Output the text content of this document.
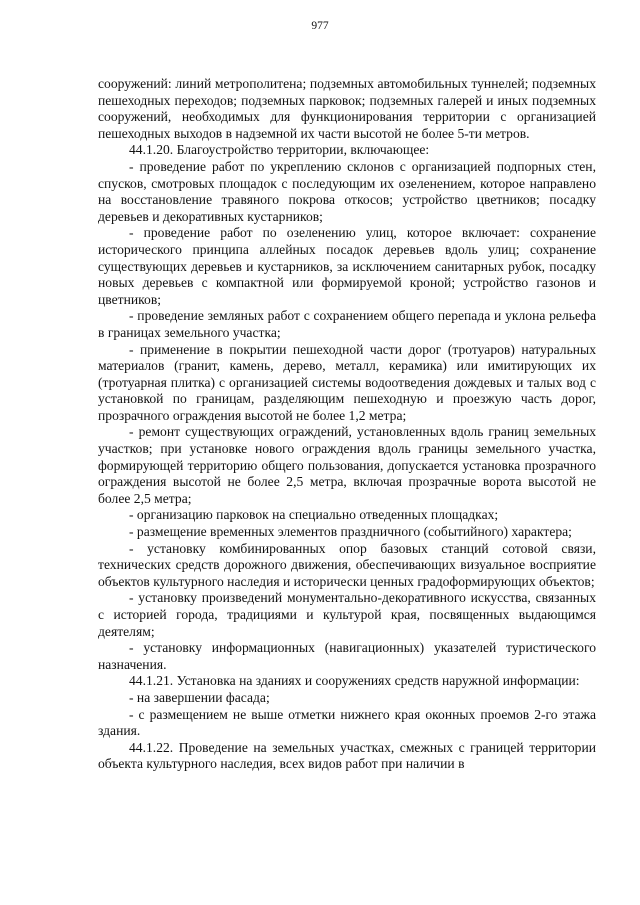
977

сооружений: линий метрополитена; подземных автомобильных туннелей; подземных пешеходных переходов; подземных парковок; подземных галерей и иных подземных сооружений, необходимых для функционирования территории с организацией пешеходных выходов в надземной их части высотой не более 5-ти метров.

44.1.20. Благоустройство территории, включающее:

- проведение работ по укреплению склонов с организацией подпорных стен, спусков, смотровых площадок с последующим их озеленением, которое направлено на восстановление травяного покрова откосов; устройство цветников; посадку деревьев и декоративных кустарников;

- проведение работ по озеленению улиц, которое включает: сохранение исторического принципа аллейных посадок деревьев вдоль улиц; сохранение существующих деревьев и кустарников, за исключением санитарных рубок, посадку новых деревьев с компактной или формируемой кроной; устройство газонов и цветников;

- проведение земляных работ с сохранением общего перепада и уклона рельефа в границах земельного участка;

- применение в покрытии пешеходной части дорог (тротуаров) натуральных материалов (гранит, камень, дерево, металл, керамика) или имитирующих их (тротуарная плитка) с организацией системы водоотведения дождевых и талых вод с установкой по границам, разделяющим пешеходную и проезжую часть дорог, прозрачного ограждения высотой не более 1,2 метра;

- ремонт существующих ограждений, установленных вдоль границ земельных участков; при установке нового ограждения вдоль границы земельного участка, формирующей территорию общего пользования, допускается установка прозрачного ограждения высотой не более 2,5 метра, включая прозрачные ворота высотой не более 2,5 метра;

- организацию парковок на специально отведенных площадках;

- размещение временных элементов праздничного (событийного) характера;

- установку комбинированных опор базовых станций сотовой связи, технических средств дорожного движения, обеспечивающих визуальное восприятие объектов культурного наследия и исторически ценных градоформирующих объектов;

- установку произведений монументально-декоративного искусства, связанных с историей города, традициями и культурой края, посвященных выдающимся деятелям;

- установку информационных (навигационных) указателей туристического назначения.

44.1.21. Установка на зданиях и сооружениях средств наружной информации:

- на завершении фасада;

- с размещением не выше отметки нижнего края оконных проемов 2-го этажа здания.

44.1.22. Проведение на земельных участках, смежных с границей территории объекта культурного наследия, всех видов работ при наличии в
